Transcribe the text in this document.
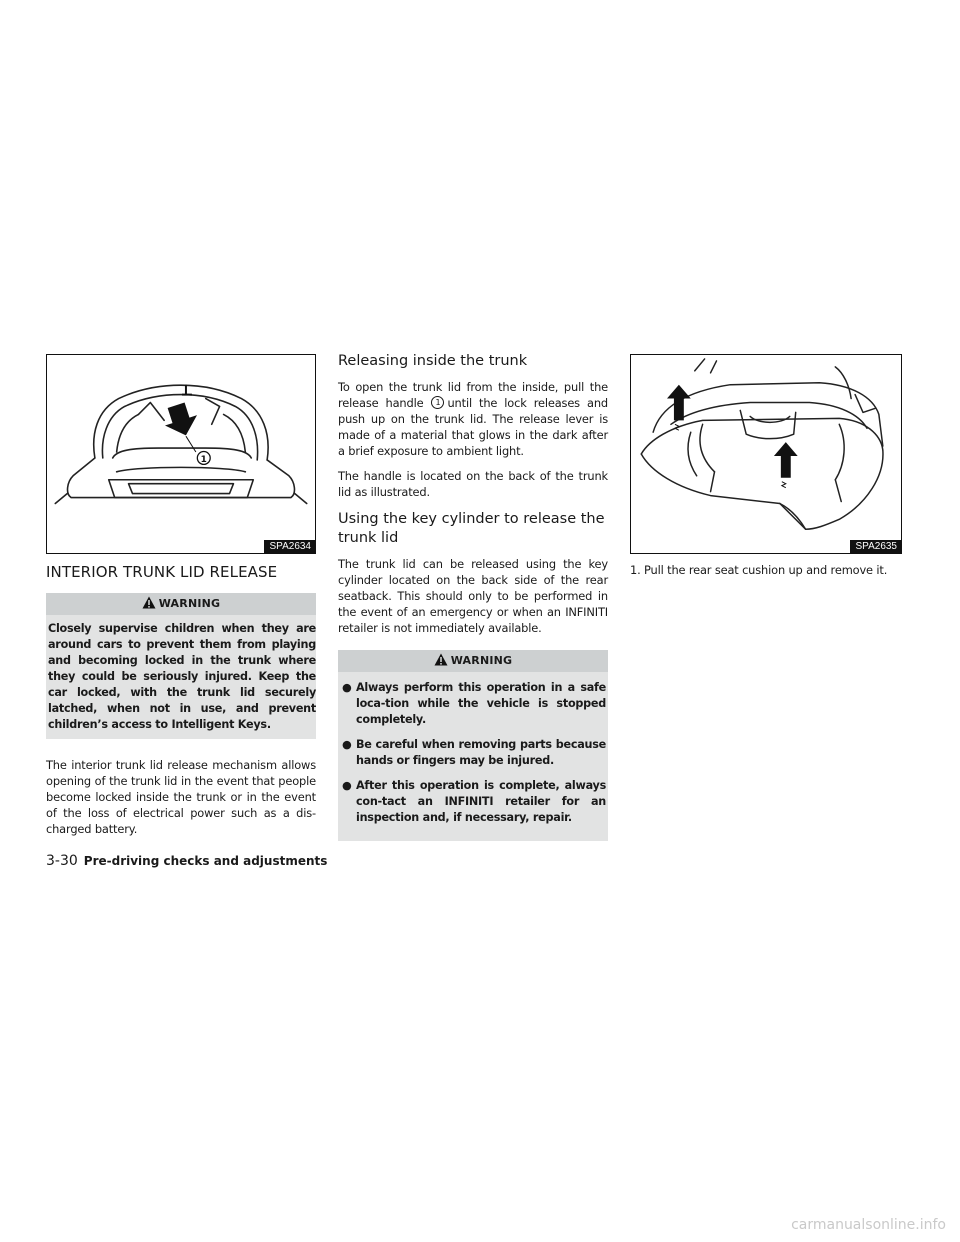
1
SPA2634
INTERIOR TRUNK LID RELEASE
WARNING
Closely supervise children when they are around cars to prevent them from playing and becoming locked in the trunk where they could be seriously injured. Keep the car locked, with the trunk lid securely latched, when not in use, and prevent children’s access to Intelligent Keys.

The interior trunk lid release mechanism allows opening of the trunk lid in the event that people become locked inside the trunk or in the event of the loss of electrical power such as a dis-charged battery.

Releasing inside the trunk

To open the trunk lid from the inside, pull the release handle 1 until the lock releases and push up on the trunk lid. The release lever is made of a material that glows in the dark after a brief exposure to ambient light.

The handle is located on the back of the trunk lid as illustrated.

Using the key cylinder to release the trunk lid

The trunk lid can be released using the key cylinder located on the back side of the rear seatback. This should only to be performed in the event of an emergency or when an INFINITI retailer is not immediately available.

WARNING
● Always perform this operation in a safe loca-tion while the vehicle is stopped completely.
● Be careful when removing parts because hands or fingers may be injured.
● After this operation is complete, always con-tact an INFINITI retailer for an inspection and, if necessary, repair.
SPA2635

1. Pull the rear seat cushion up and remove it.

3-30 Pre-driving checks and adjustments
carmanualsonline.info
